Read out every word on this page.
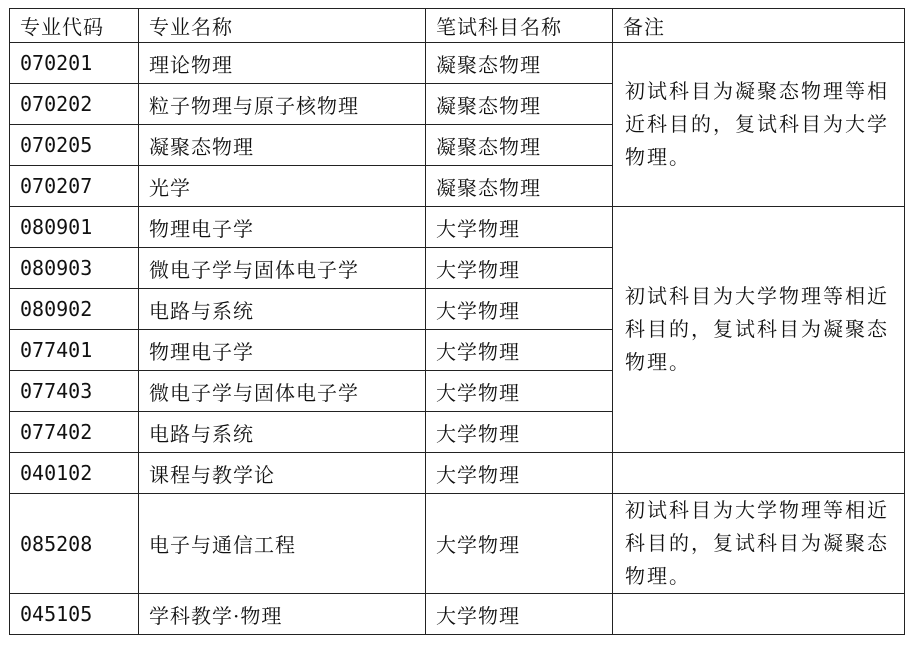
专业代码	专业名称	笔试科目名称	备注
070201	理论物理	凝聚态物理	初试科目为凝聚态物理等相近科目的，复试科目为大学物理。
070202	粒子物理与原子核物理	凝聚态物理	
070205	凝聚态物理	凝聚态物理	
070207	光学	凝聚态物理	
080901	物理电子学	大学物理	初试科目为大学物理等相近科目的，复试科目为凝聚态物理。
080903	微电子学与固体电子学	大学物理	
080902	电路与系统	大学物理	
077401	物理电子学	大学物理	
077403	微电子学与固体电子学	大学物理	
077402	电路与系统	大学物理	
040102	课程与教学论	大学物理	
085208	电子与通信工程	大学物理	初试科目为大学物理等相近科目的，复试科目为凝聚态物理。
045105	学科教学·物理	大学物理	
